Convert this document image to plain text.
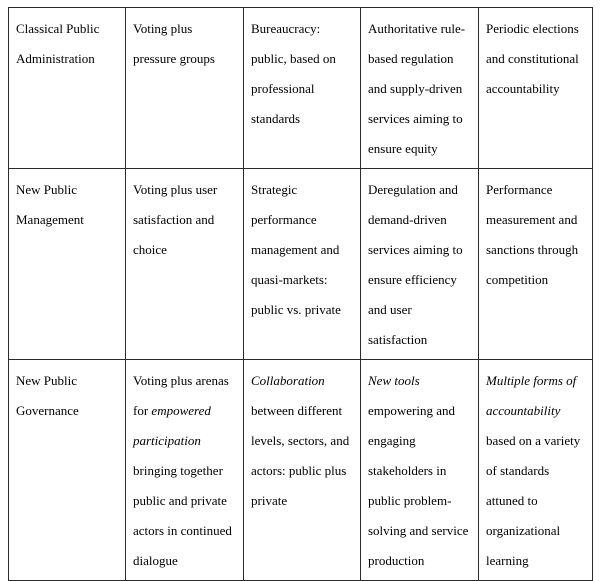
Classical Public Administration	Voting plus pressure groups	Bureaucracy: public, based on professional standards	Authoritative rule-based regulation and supply-driven services aiming to ensure equity	Periodic elections and constitutional accountability

New Public Management	Voting plus user satisfaction and choice	Strategic performance management and quasi-markets: public vs. private	Deregulation and demand-driven services aiming to ensure efficiency and user satisfaction	Performance measurement and sanctions through competition

New Public Governance	Voting plus arenas for empowered participation bringing together public and private actors in continued dialogue	Collaboration between different levels, sectors, and actors: public plus private	New tools empowering and engaging stakeholders in public problem-solving and service production	Multiple forms of accountability based on a variety of standards attuned to organizational learning
